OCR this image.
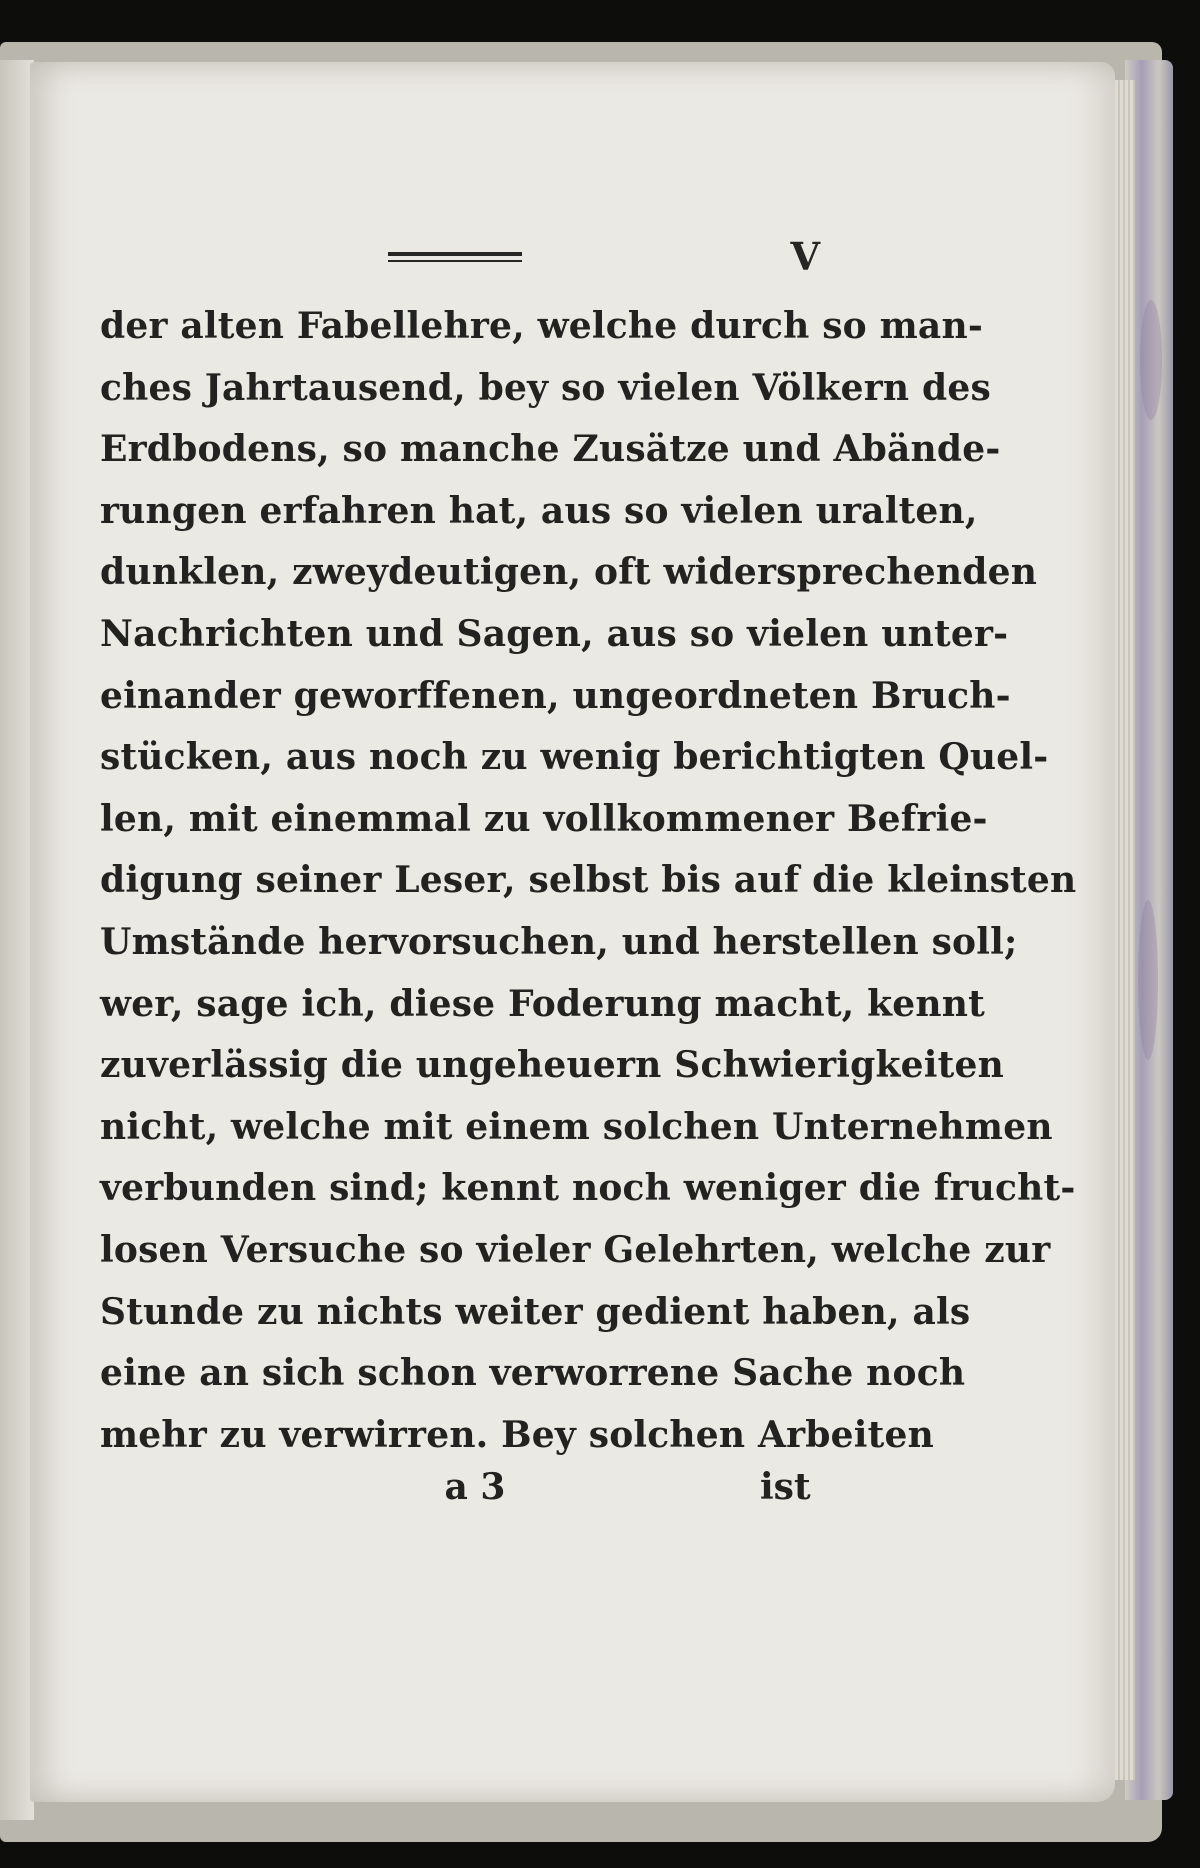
V
der alten Fabellehre, welche durch so man-
ches Jahrtausend, bey so vielen Völkern des
Erdbodens, so manche Zusätze und Abände-
rungen erfahren hat, aus so vielen uralten,
dunklen, zweydeutigen, oft widersprechenden
Nachrichten und Sagen, aus so vielen unter-
einander geworffenen, ungeordneten Bruch-
stücken, aus noch zu wenig berichtigten Quel-
len, mit einemmal zu vollkommener Befrie-
digung seiner Leser, selbst bis auf die kleinsten
Umstände hervorsuchen, und herstellen soll;
wer, sage ich, diese Foderung macht, kennt
zuverlässig die ungeheuern Schwierigkeiten
nicht, welche mit einem solchen Unternehmen
verbunden sind; kennt noch weniger die frucht-
losen Versuche so vieler Gelehrten, welche zur
Stunde zu nichts weiter gedient haben, als
eine an sich schon verworrene Sache noch
mehr zu verwirren. Bey solchen Arbeiten
a 3	ist
